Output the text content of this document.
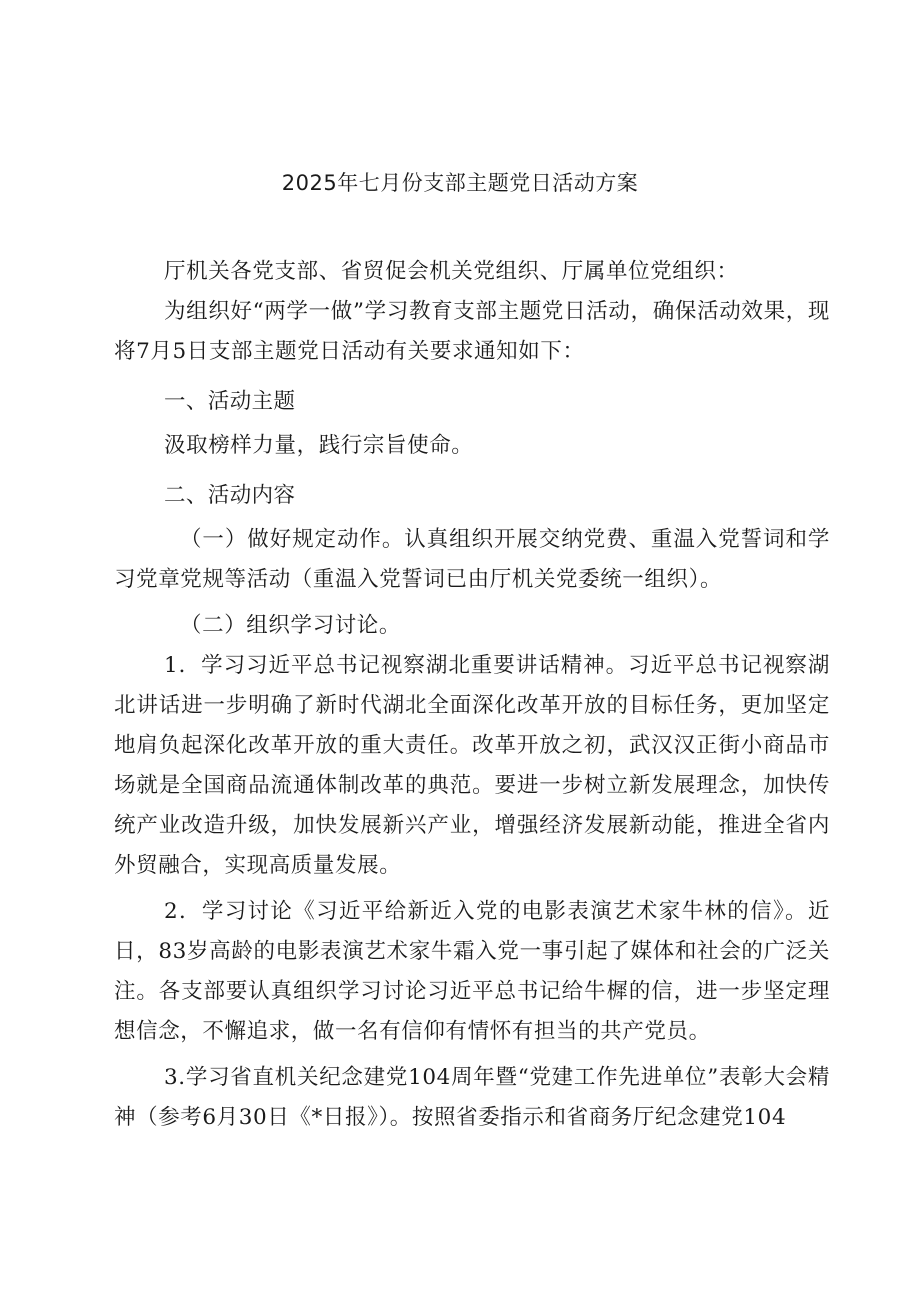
2025年七月份支部主题党日活动方案

厅机关各党支部、省贸促会机关党组织、厅属单位党组织：

为组织好“两学一做”学习教育支部主题党日活动，确保活动效果，现将7月5日支部主题党日活动有关要求通知如下：

一、活动主题

汲取榜样力量，践行宗旨使命。

二、活动内容

（一）做好规定动作。认真组织开展交纳党费、重温入党誓词和学习党章党规等活动（重温入党誓词已由厅机关党委统一组织）。

（二）组织学习讨论。

1．学习习近平总书记视察湖北重要讲话精神。习近平总书记视察湖北讲话进一步明确了新时代湖北全面深化改革开放的目标任务，更加坚定地肩负起深化改革开放的重大责任。改革开放之初，武汉汉正街小商品市场就是全国商品流通体制改革的典范。要进一步树立新发展理念，加快传统产业改造升级，加快发展新兴产业，增强经济发展新动能，推进全省内外贸融合，实现高质量发展。

2．学习讨论《习近平给新近入党的电影表演艺术家牛林的信》。近日，83岁高龄的电影表演艺术家牛霜入党一事引起了媒体和社会的广泛关注。各支部要认真组织学习讨论习近平总书记给牛樨的信，进一步坚定理想信念，不懈追求，做一名有信仰有情怀有担当的共产党员。

3.学习省直机关纪念建党104周年暨“党建工作先进单位”表彰大会精神（参考6月30日《*日报》）。按照省委指示和省商务厅纪念建党104
